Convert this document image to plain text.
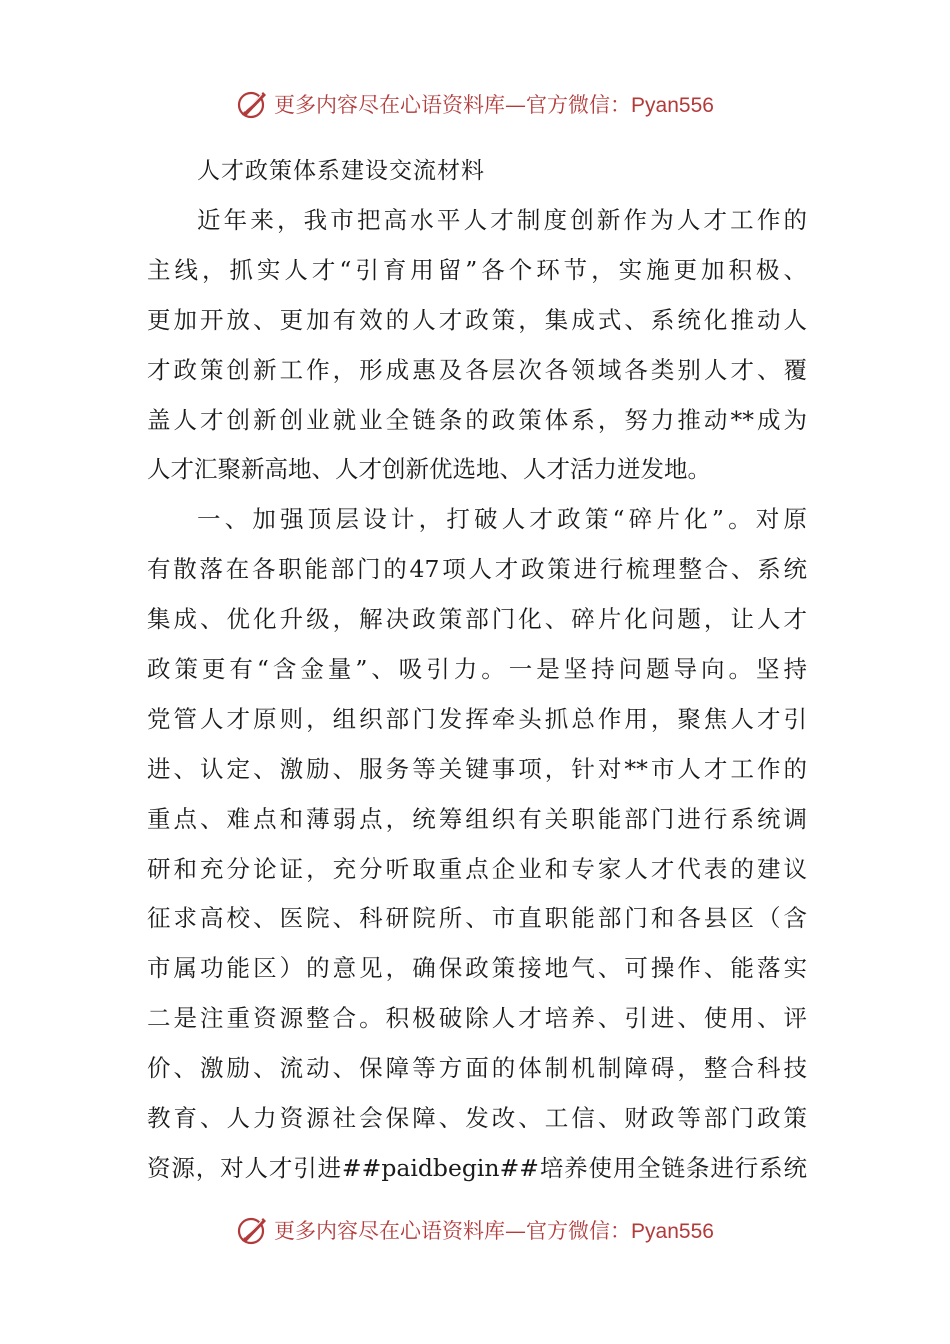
更多内容尽在心语资料库—官方微信：Pyan556
人才政策体系建设交流材料
近年来，我市把高水平人才制度创新作为人才工作的
主线，抓实人才“引育用留”各个环节，实施更加积极、
更加开放、更加有效的人才政策，集成式、系统化推动人
才政策创新工作，形成惠及各层次各领域各类别人才、覆
盖人才创新创业就业全链条的政策体系，努力推动**成为
人才汇聚新高地、人才创新优选地、人才活力迸发地。
一、加强顶层设计，打破人才政策“碎片化”。对原
有散落在各职能部门的47项人才政策进行梳理整合、系统
集成、优化升级，解决政策部门化、碎片化问题，让人才
政策更有“含金量”、吸引力。一是坚持问题导向。坚持
党管人才原则，组织部门发挥牵头抓总作用，聚焦人才引
进、认定、激励、服务等关键事项，针对**市人才工作的
重点、难点和薄弱点，统筹组织有关职能部门进行系统调
研和充分论证，充分听取重点企业和专家人才代表的建议
征求高校、医院、科研院所、市直职能部门和各县区（含
市属功能区）的意见，确保政策接地气、可操作、能落实
二是注重资源整合。积极破除人才培养、引进、使用、评
价、激励、流动、保障等方面的体制机制障碍，整合科技
教育、人力资源社会保障、发改、工信、财政等部门政策
资源，对人才引进##paidbegin##培养使用全链条进行系统
更多内容尽在心语资料库—官方微信：Pyan556
